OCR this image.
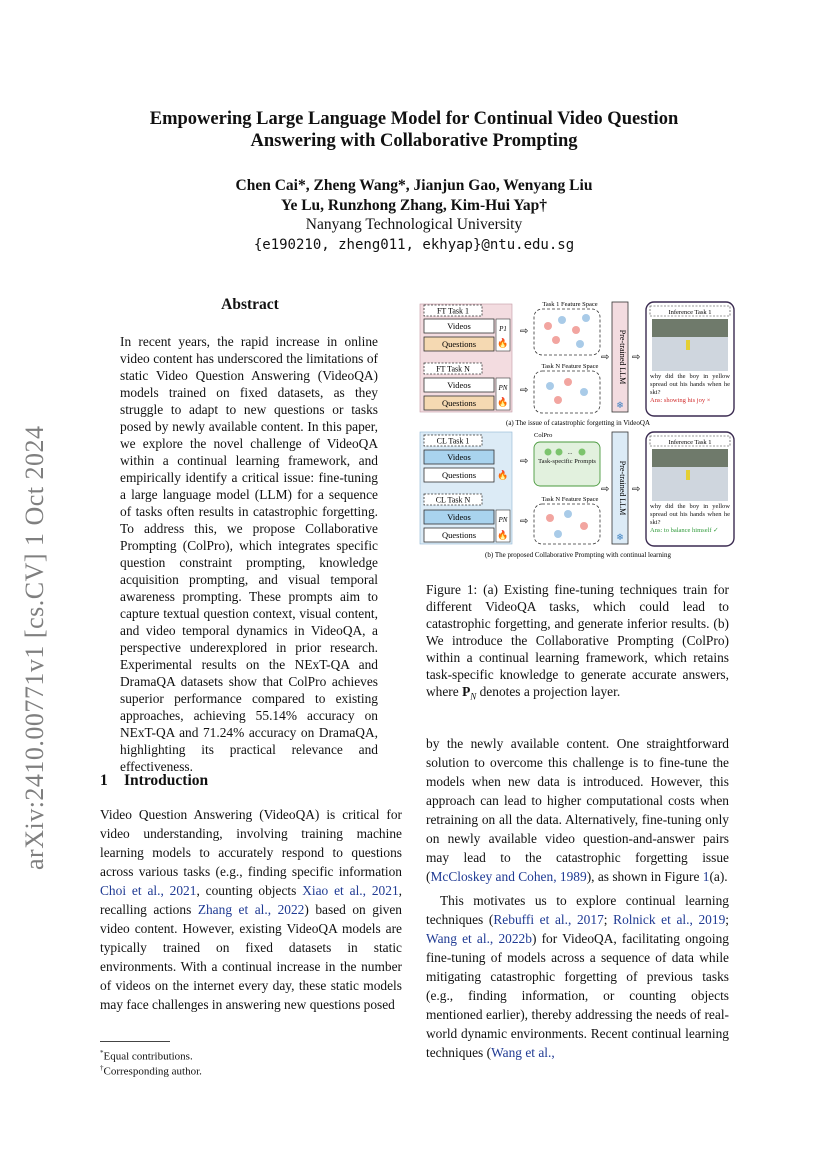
arXiv:2410.00771v1 [cs.CV] 1 Oct 2024
Empowering Large Language Model for Continual Video Question
Answering with Collaborative Prompting
Chen Cai*, Zheng Wang*, Jianjun Gao, Wenyang Liu
Ye Lu, Runzhong Zhang, Kim-Hui Yap†
Nanyang Technological University
{e190210, zheng011, ekhyap}@ntu.edu.sg
Abstract
In recent years, the rapid increase in online video content has underscored the limitations of static Video Question Answering (VideoQA) models trained on fixed datasets, as they struggle to adapt to new questions or tasks posed by newly available content. In this paper, we explore the novel challenge of VideoQA within a continual learning framework, and empirically identify a critical issue: fine-tuning a large language model (LLM) for a sequence of tasks often results in catastrophic forgetting. To address this, we propose Collaborative Prompting (ColPro), which integrates specific question constraint prompting, knowledge acquisition prompting, and visual temporal awareness prompting. These prompts aim to capture textual question context, visual content, and video temporal dynamics in VideoQA, a perspective underexplored in prior research. Experimental results on the NExT-QA and DramaQA datasets show that ColPro achieves superior performance compared to existing approaches, achieving 55.14% accuracy on NExT-QA and 71.24% accuracy on DramaQA, highlighting its practical relevance and effectiveness.
1 Introduction

Video Question Answering (VideoQA) is critical for video understanding, involving training machine learning models to accurately respond to questions across various tasks (e.g., finding specific information Choi et al., 2021, counting objects Xiao et al., 2021, recalling actions Zhang et al., 2022) based on given video content. However, existing VideoQA models are typically trained on fixed datasets in static environments. With a continual increase in the number of videos on the internet every day, these static models may face challenges in answering new questions posed

*Equal contributions.
†Corresponding author.
FT Task 1
Videos
Questions
P1
🔥
FT Task N
Videos
Questions
PN
🔥
⇨
⇨
Task 1 Feature Space
Task N Feature Space
⇨ Pre-trained LLM
❄
⇨
Inference Task 1
why did the boy in yellow spread out his hands when he ski?
Ans: showing his joy ×
(a) The issue of catastrophic forgetting in VideoQA
CL Task 1
Videos
Questions 🔥
CL Task N
Videos
Questions
PN
🔥
⇨
⇨
ColPro
...
Task-specific Prompts
Task N Feature Space
⇨ Pre-trained LLM
❄
⇨
Inference Task 1
why did the boy in yellow spread out his hands when he ski?
Ans: to balance himself ✓
(b) The proposed Collaborative Prompting with continual learning
Figure 1: (a) Existing fine-tuning techniques train for different VideoQA tasks, which could lead to catastrophic forgetting, and generate inferior results. (b) We introduce the Collaborative Prompting (ColPro) within a continual learning framework, which retains task-specific knowledge to generate accurate answers, where $P_N$ denotes a projection layer.

by the newly available content. One straightforward solution to overcome this challenge is to fine-tune the models when new data is introduced. However, this approach can lead to higher computational costs when retraining on all the data. Alternatively, fine-tuning only on newly available video question-and-answer pairs may lead to the catastrophic forgetting issue (McCloskey and Cohen, 1989), as shown in Figure 1(a).

This motivates us to explore continual learning techniques (Rebuffi et al., 2017; Rolnick et al., 2019; Wang et al., 2022b) for VideoQA, facilitating ongoing fine-tuning of models across a sequence of data while mitigating catastrophic forgetting of previous tasks (e.g., finding information, or counting objects mentioned earlier), thereby addressing the needs of real-world dynamic environments. Recent continual learning techniques (Wang et al.,
